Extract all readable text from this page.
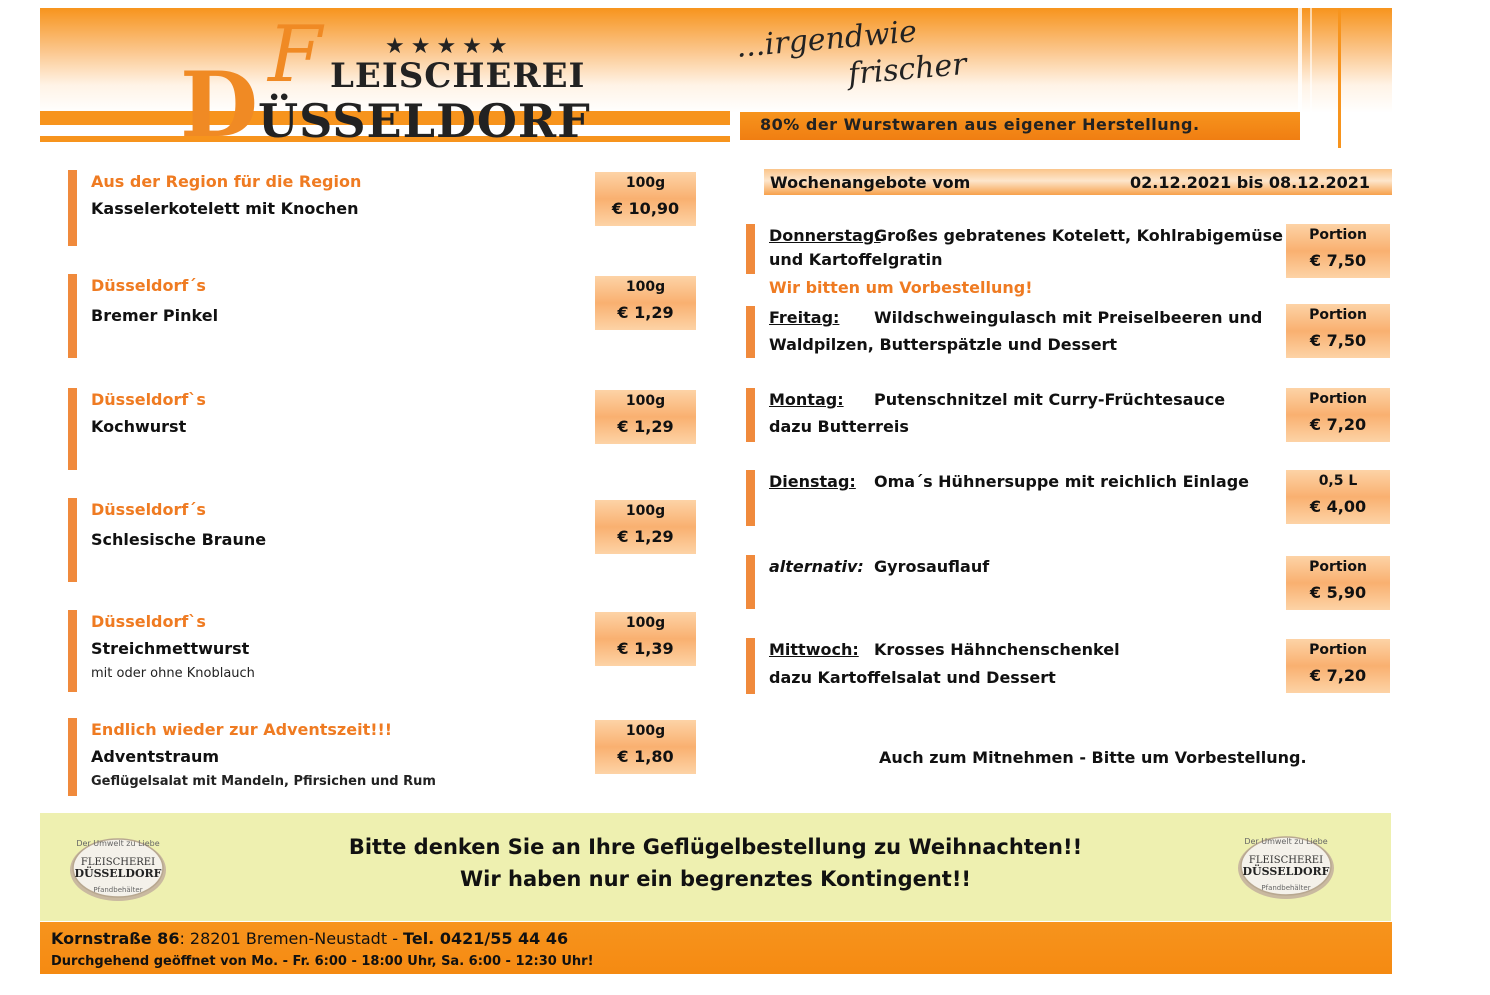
F	★★★★★
LEISCHEREI
D ÜSSELDORF
...irgendwie
frischer
80% der Wurstwaren aus eigener Herstellung.
Aus der Region für die Region
Kasselerkotelett mit Knochen
100g
€ 10,90
Düsseldorf´s
Bremer Pinkel
100g
€ 1,29
Düsseldorf`s
Kochwurst
100g
€ 1,29
Düsseldorf´s
Schlesische Braune
100g
€ 1,29
Düsseldorf`s
Streichmettwurst
mit oder ohne Knoblauch
100g
€ 1,39
Endlich wieder zur Adventszeit!!!
Adventstraum
Geflügelsalat mit Mandeln, Pfirsichen und Rum
100g
€ 1,80
Wochenangebote vom	02.12.2021 bis 08.12.2021
Donnerstag:
Großes gebratenes Kotelett, Kohlrabigemüse
und Kartoffelgratin
Portion
€ 7,50
Wir bitten um Vorbestellung!
Freitag: Wildschweingulasch mit Preiselbeeren und
Waldpilzen, Butterspätzle und Dessert
Portion
€ 7,50
Montag: Putenschnitzel mit Curry-Früchtesauce
dazu Butterreis
Portion
€ 7,20
Dienstag: Oma´s Hühnersuppe mit reichlich Einlage	0,5 L
€ 4,00
alternativ: Gyrosauflauf	Portion
€ 5,90
Mittwoch: Krosses Hähnchenschenkel
dazu Kartoffelsalat und Dessert
Portion
€ 7,20
Auch zum Mitnehmen - Bitte um Vorbestellung.
Der Umwelt zu Liebe
FLEISCHEREI
DÜSSELDORF
Pfandbehälter
Bitte denken Sie an Ihre Geflügelbestellung zu Weihnachten!!
Wir haben nur ein begrenztes Kontingent!!
Der Umwelt zu Liebe
FLEISCHEREI
DÜSSELDORF
Pfandbehälter
Kornstraße 86: 28201 Bremen-Neustadt - Tel. 0421/55 44 46
Durchgehend geöffnet von Mo. - Fr. 6:00 - 18:00 Uhr, Sa. 6:00 - 12:30 Uhr!
